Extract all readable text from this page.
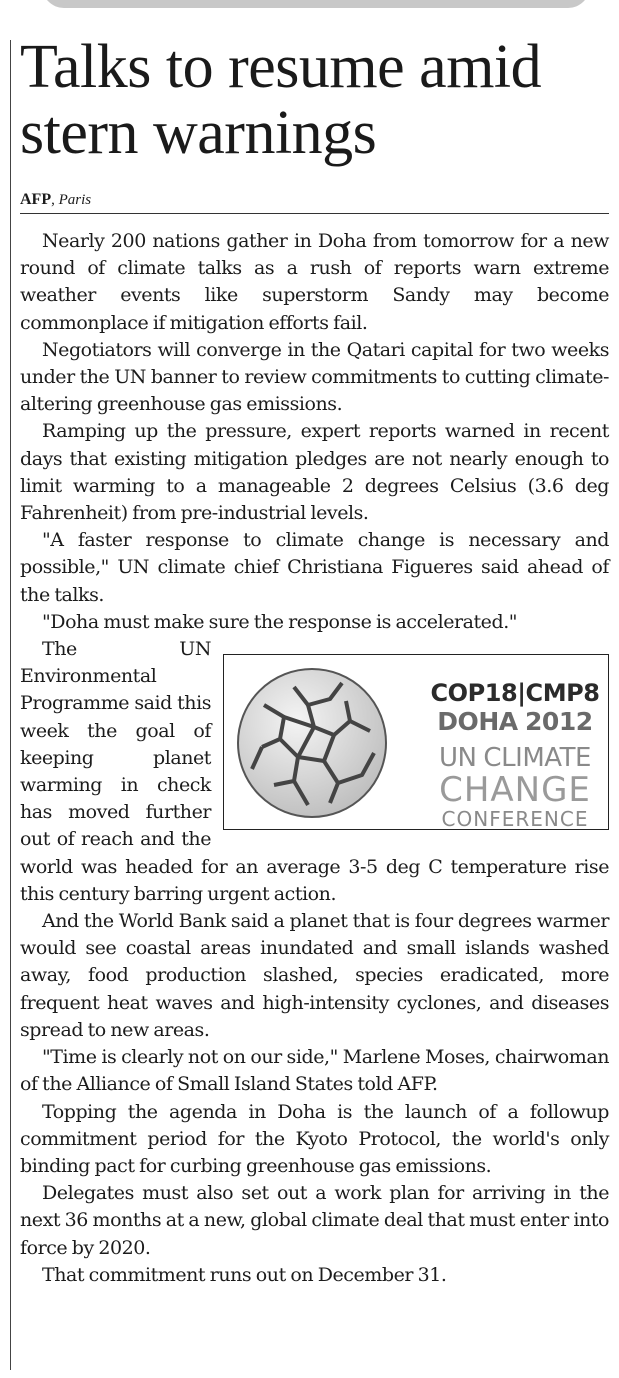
Talks to resume amid
stern warnings
AFP, Paris

Nearly 200 nations gather in Doha from tomorrow for a new round of climate talks as a rush of reports warn extreme weather events like superstorm Sandy may become commonplace if mitigation efforts fail.

Negotiators will converge in the Qatari capital for two weeks under the UN banner to review commitments to cutting climate-altering greenhouse gas emissions.

Ramping up the pressure, expert reports warned in recent days that existing mitigation pledges are not nearly enough to limit warming to a manageable 2 degrees Celsius (3.6 deg Fahrenheit) from pre-industrial levels.

"A faster response to climate change is necessary and possible," UN climate chief Christiana Figueres said ahead of the talks.

"Doha must make sure the response is accelerated."

COP18|CMP8
DOHA 2012
UN CLIMATE
CHANGE
CONFERENCE
The UN Environmental Programme said this week the goal of keeping planet warming in check has moved further out of reach and the world was headed for an average 3-5 deg C temperature rise this century barring urgent action.

And the World Bank said a planet that is four degrees warmer would see coastal areas inundated and small islands washed away, food production slashed, species eradicated, more frequent heat waves and high-intensity cyclones, and diseases spread to new areas.

"Time is clearly not on our side," Marlene Moses, chairwoman of the Alliance of Small Island States told AFP.

Topping the agenda in Doha is the launch of a followup commitment period for the Kyoto Protocol, the world's only binding pact for curbing greenhouse gas emissions.

Delegates must also set out a work plan for arriving in the next 36 months at a new, global climate deal that must enter into force by 2020.

That commitment runs out on December 31.
